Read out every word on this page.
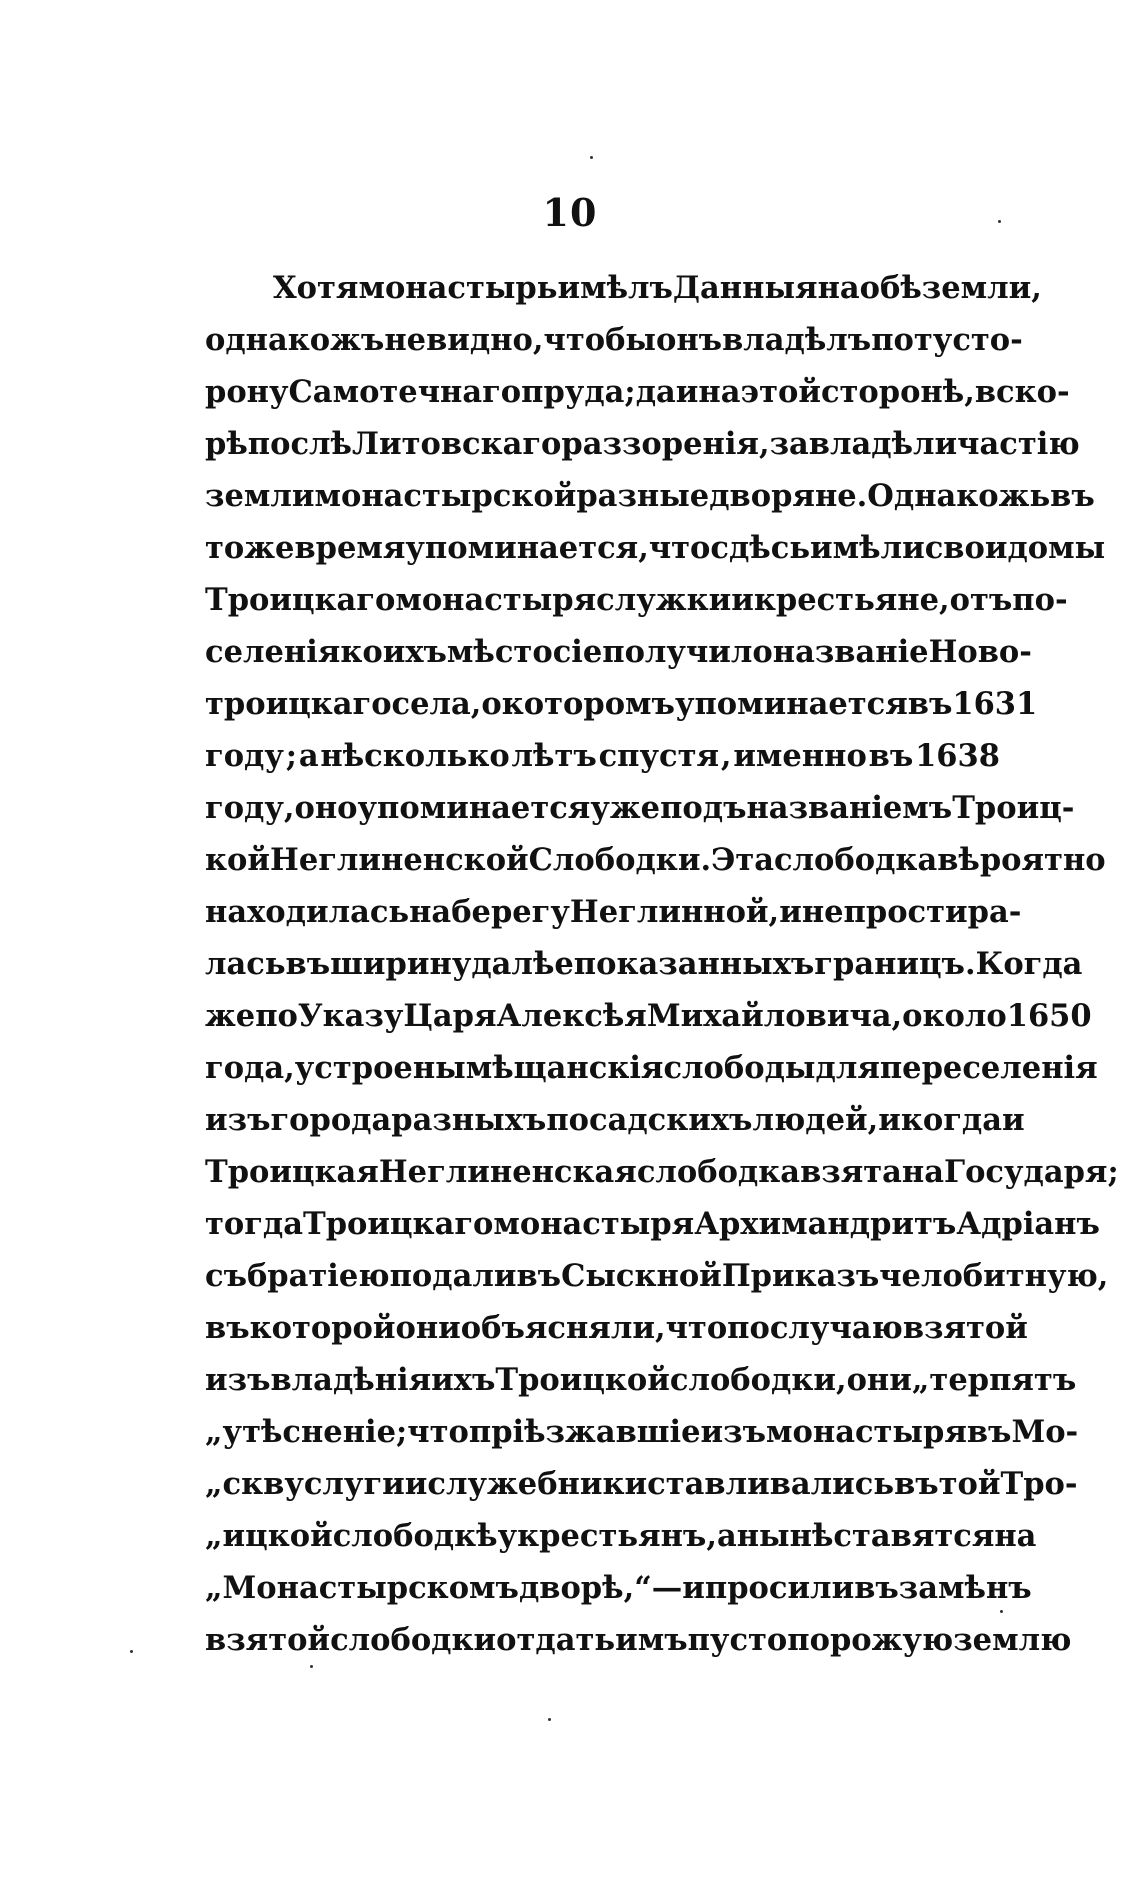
10
Хотя монастырь имѣлъ Данныя на обѣ земли ,
однакожъ не видно, чтобы онъ владѣлъ по ту сто-
рону Самотечнаго пруда; да и на этой сторонѣ, вско-
рѣ послѣ Литовскаго раззоренія , завладѣли частію
земли монастырской разные дворяне. Однакожь въ
то же время упоминается, что сдѣсь имѣли свои домы
Троицкаго монастыря служки и крестьяне, отъ по-
селенія коихъ мѣсто сіе получило названіе Ново-
троицкаго села , о которомъ упоминается въ 1631
году ; а нѣсколько лѣтъ спустя , именно въ 1638
году, оно упоминается уже подъ названіемъ Троиц-
кой Неглиненской Слободки. Эта слободка вѣроятно
находилась на берегу Неглинной, и не простира-
лась въ ширину далѣе показанныхъ границъ. Когда
же по Указу Царя Алексѣя Михайловича, около 1650
года, устроены мѣщанскія слободы для переселенія
изъ города разныхъ посадскихъ людей , и когда и
Троицкая Неглиненская слободка взята на Государя;
тогда Троицкаго монастыря Архимандритъ Адріанъ
съ братіею подали въ Сыскной Приказъ челобитную,
въ которой они объясняли , что по случаю взятой
изъ владѣнія ихъ Троицкой слободки, они „терпятъ
„утѣсненіе; что пріѣзжавшіе изъ монастыря въ Мо-
„скву слуги и служебники ставливались въ той Тро-
„ицкой слободкѣ у крестьянъ , а нынѣ ставятся на
„Монастырскомъ дворѣ ,“ — и просили въ замѣнъ
взятой слободки отдать имъ пустопорожую землю
